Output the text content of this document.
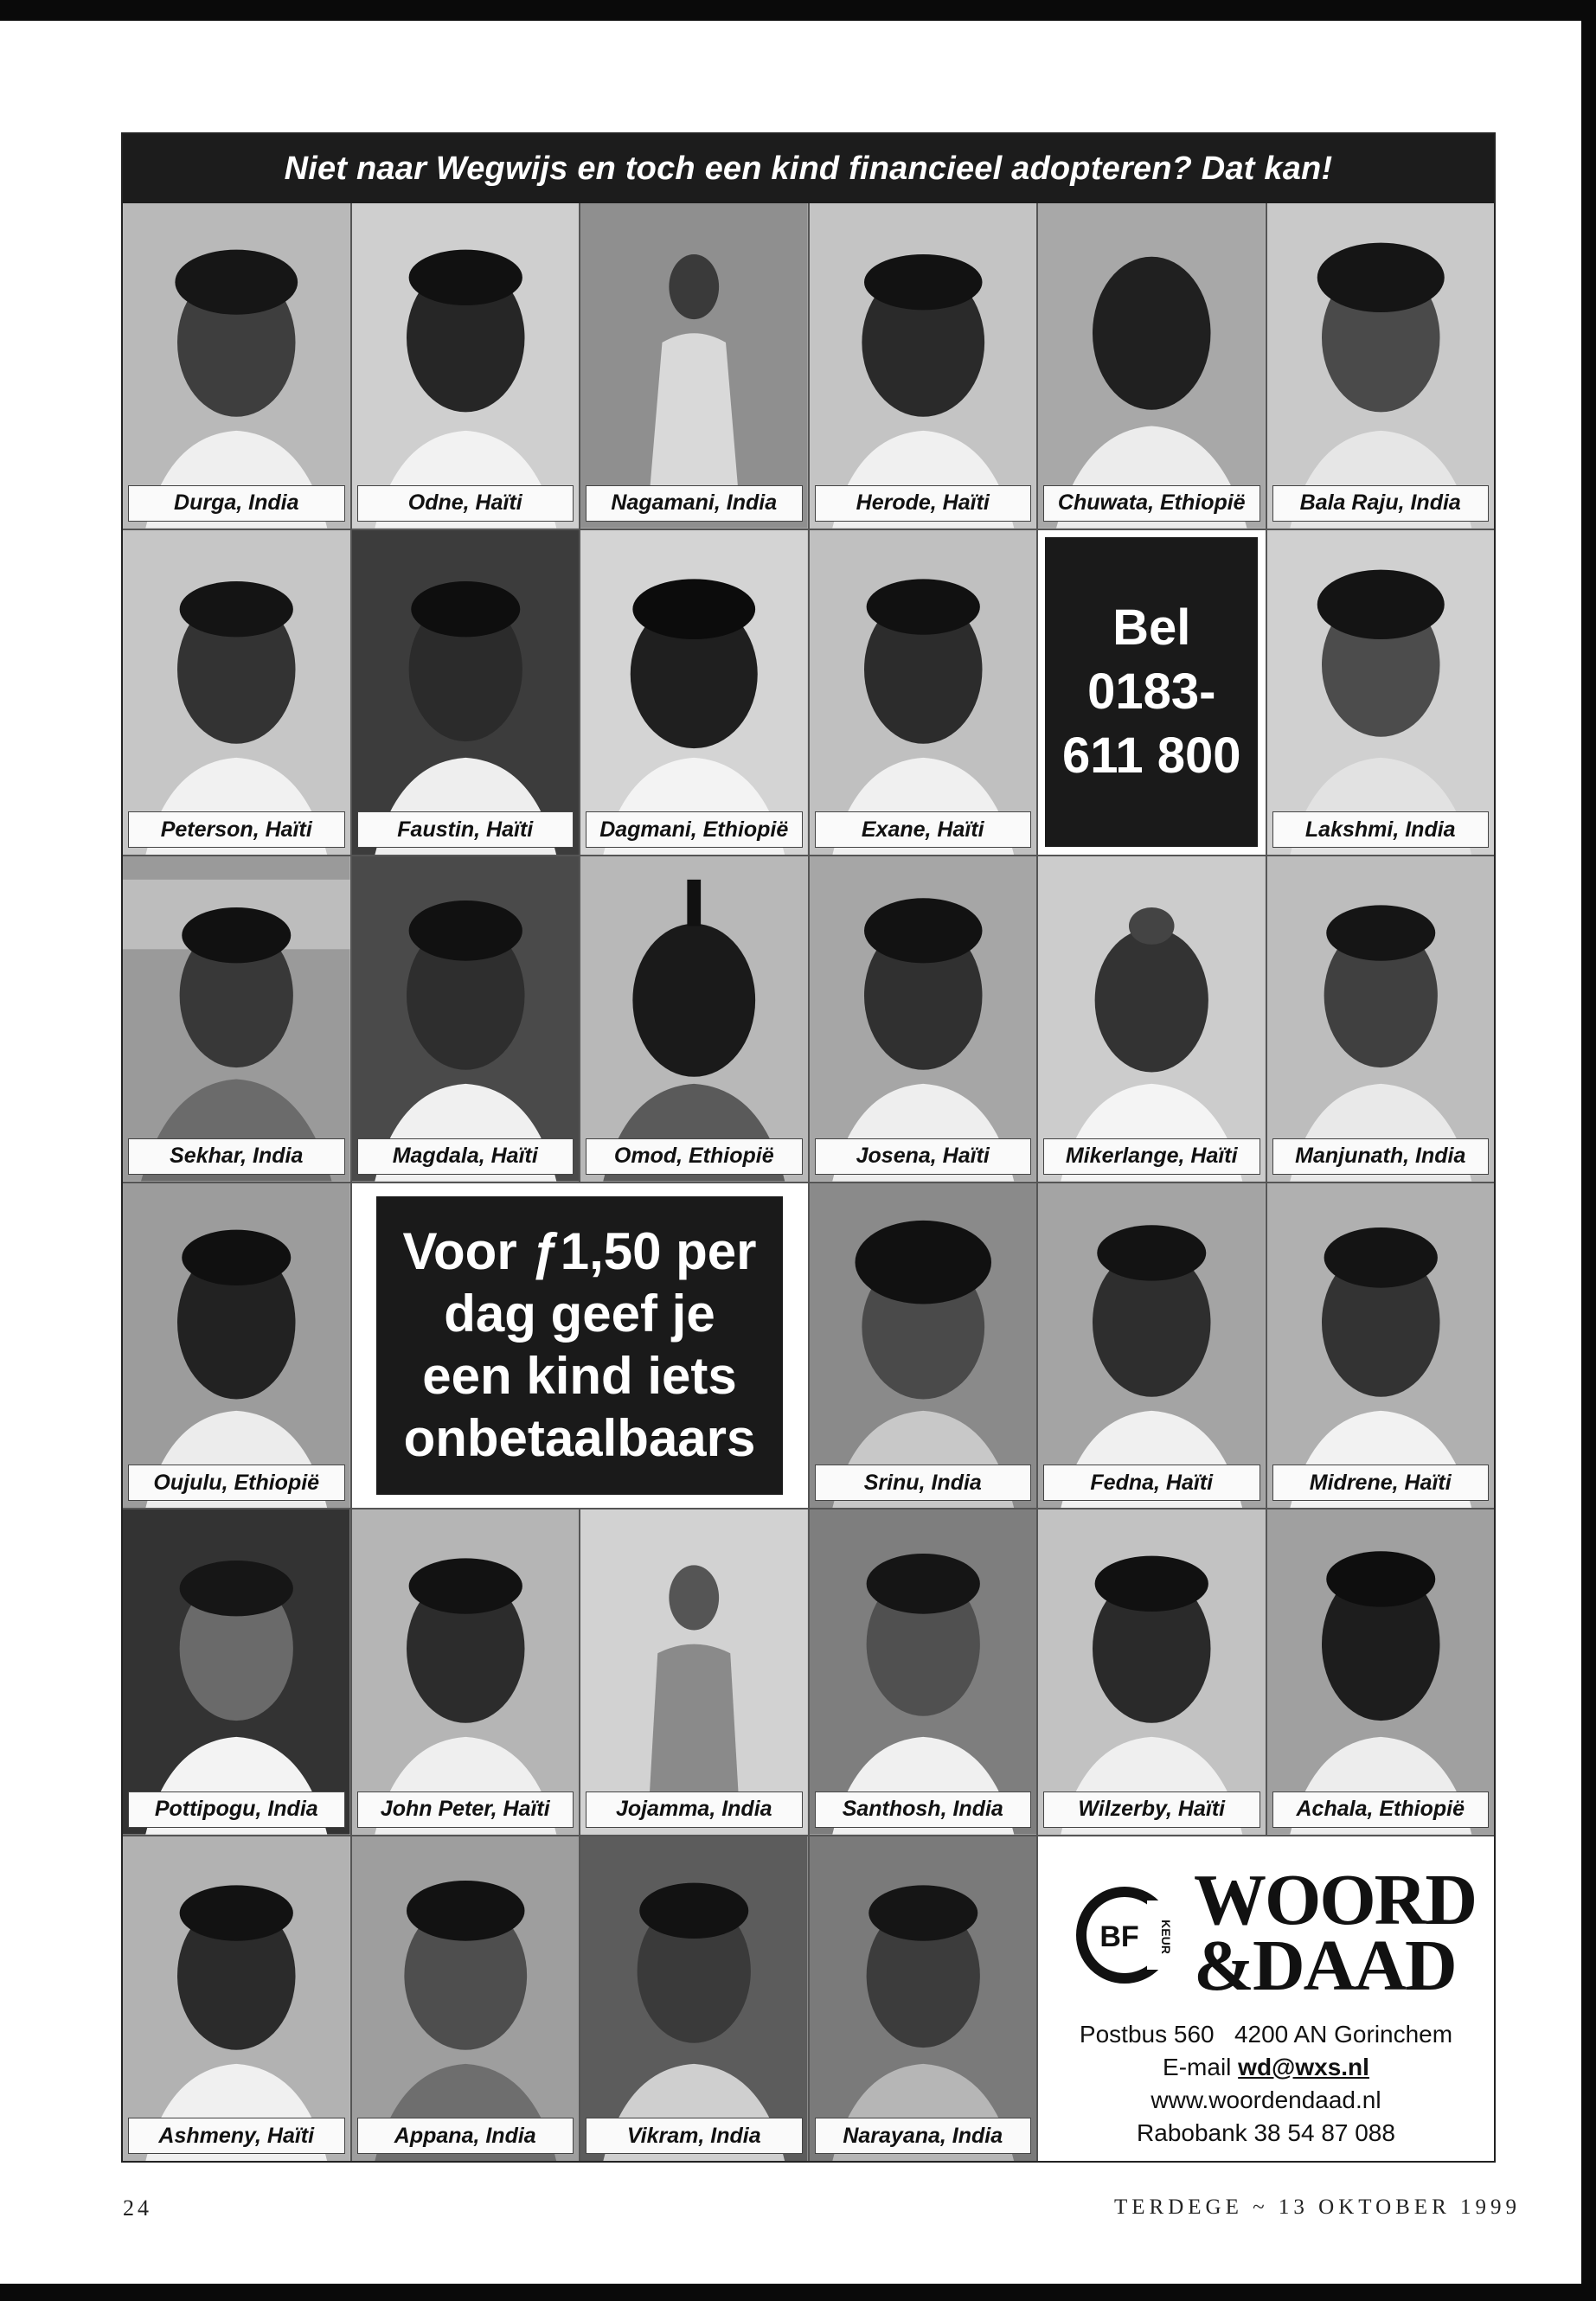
Niet naar Wegwijs en toch een kind financieel adopteren? Dat kan!
Durga, India	Odne, Haïti	Nagamani, India	Herode, Haïti	Chuwata, Ethiopië	Bala Raju, India
Peterson, Haïti	Faustin, Haïti	Dagmani, Ethiopië	Exane, Haïti
Bel
0183-
611 800
Lakshmi, India
Sekhar, India	Magdala, Haïti	Omod, Ethiopië	Josena, Haïti	Mikerlange, Haïti	Manjunath, India
Oujulu, Ethiopië
Voor ƒ1,50 per
dag geef je
een kind iets
onbetaalbaars
Srinu, India	Fedna, Haïti	Midrene, Haïti
Pottipogu, India	John Peter, Haïti	Jojamma, India	Santhosh, India	Wilzerby, Haïti	Achala, Ethiopië
Ashmeny, Haïti	Appana, India	Vikram, India	Narayana, India
BF KEUR WOORD
&DAAD
Postbus 560 4200 AN Gorinchem
E-mail wd@wxs.nl
www.woordendaad.nl
Rabobank 38 54 87 088
24	TERDEGE ~ 13 OKTOBER 1999
